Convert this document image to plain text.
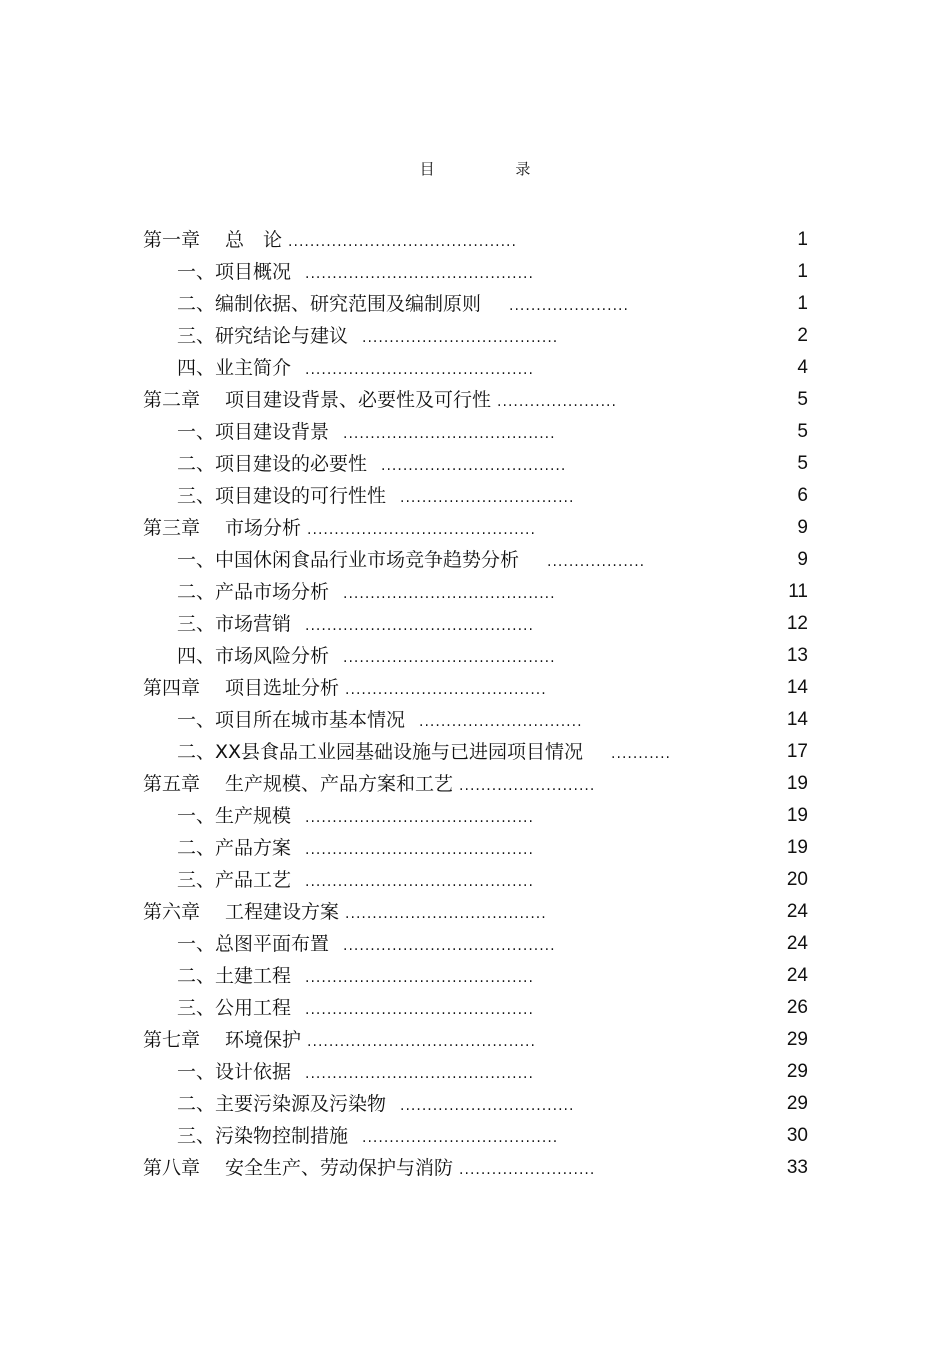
目 录
第一章　 总　论 ..........................................	1
一、项目概况 ..........................................	1
二、编制依据、研究范围及编制原则 ......................	1
三、研究结论与建议 ....................................	2
四、业主简介 ..........................................	4
第二章　 项目建设背景、必要性及可行性 ......................	5
一、项目建设背景 .......................................	5
二、项目建设的必要性 ..................................	5
三、项目建设的可行性性 ................................	6
第三章　 市场分析 ..........................................	9
一、中国休闲食品行业市场竞争趋势分析 ..................	9
二、产品市场分析 .......................................	11
三、市场营销 ..........................................	12
四、市场风险分析 .......................................	13
第四章　 项目选址分析 .....................................	14
一、项目所在城市基本情况 ..............................	14
二、XX县食品工业园基础设施与已进园项目情况 ...........	17
第五章　 生产规模、产品方案和工艺 .........................	19
一、生产规模 ..........................................	19
二、产品方案 ..........................................	19
三、产品工艺 ..........................................	20
第六章　 工程建设方案 .....................................	24
一、总图平面布置 .......................................	24
二、土建工程 ..........................................	24
三、公用工程 ..........................................	26
第七章　 环境保护 ..........................................	29
一、设计依据 ..........................................	29
二、主要污染源及污染物 ................................	29
三、污染物控制措施 ....................................	30
第八章　 安全生产、劳动保护与消防 .........................	33
